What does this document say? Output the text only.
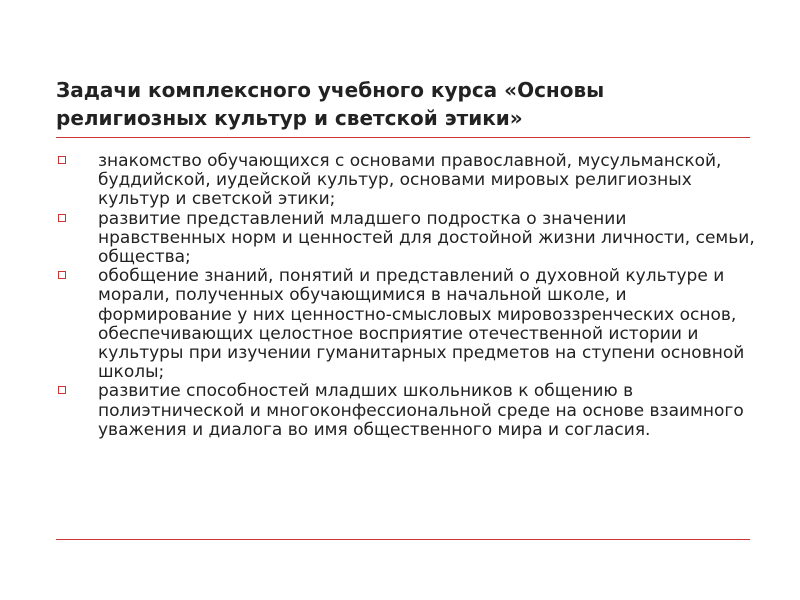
Задачи комплексного учебного курса «Основы религиозных культур и светской этики»
знакомство обучающихся с основами православной, мусульманской, буддийской, иудейской культур, основами мировых религиозных культур и светской этики;
развитие представлений младшего подростка о значении нравственных норм и ценностей для достойной жизни личности, семьи, общества;
обобщение знаний, понятий и представлений о духовной культуре и морали, полученных обучающимися в начальной школе, и формирование у них ценностно-смысловых мировоззренческих основ, обеспечивающих целостное восприятие отечественной истории и культуры при изучении гуманитарных предметов на ступени основной школы;
развитие способностей младших школьников к общению в полиэтнической и многоконфессиональной среде на основе взаимного уважения и диалога во имя общественного мира и согласия.
